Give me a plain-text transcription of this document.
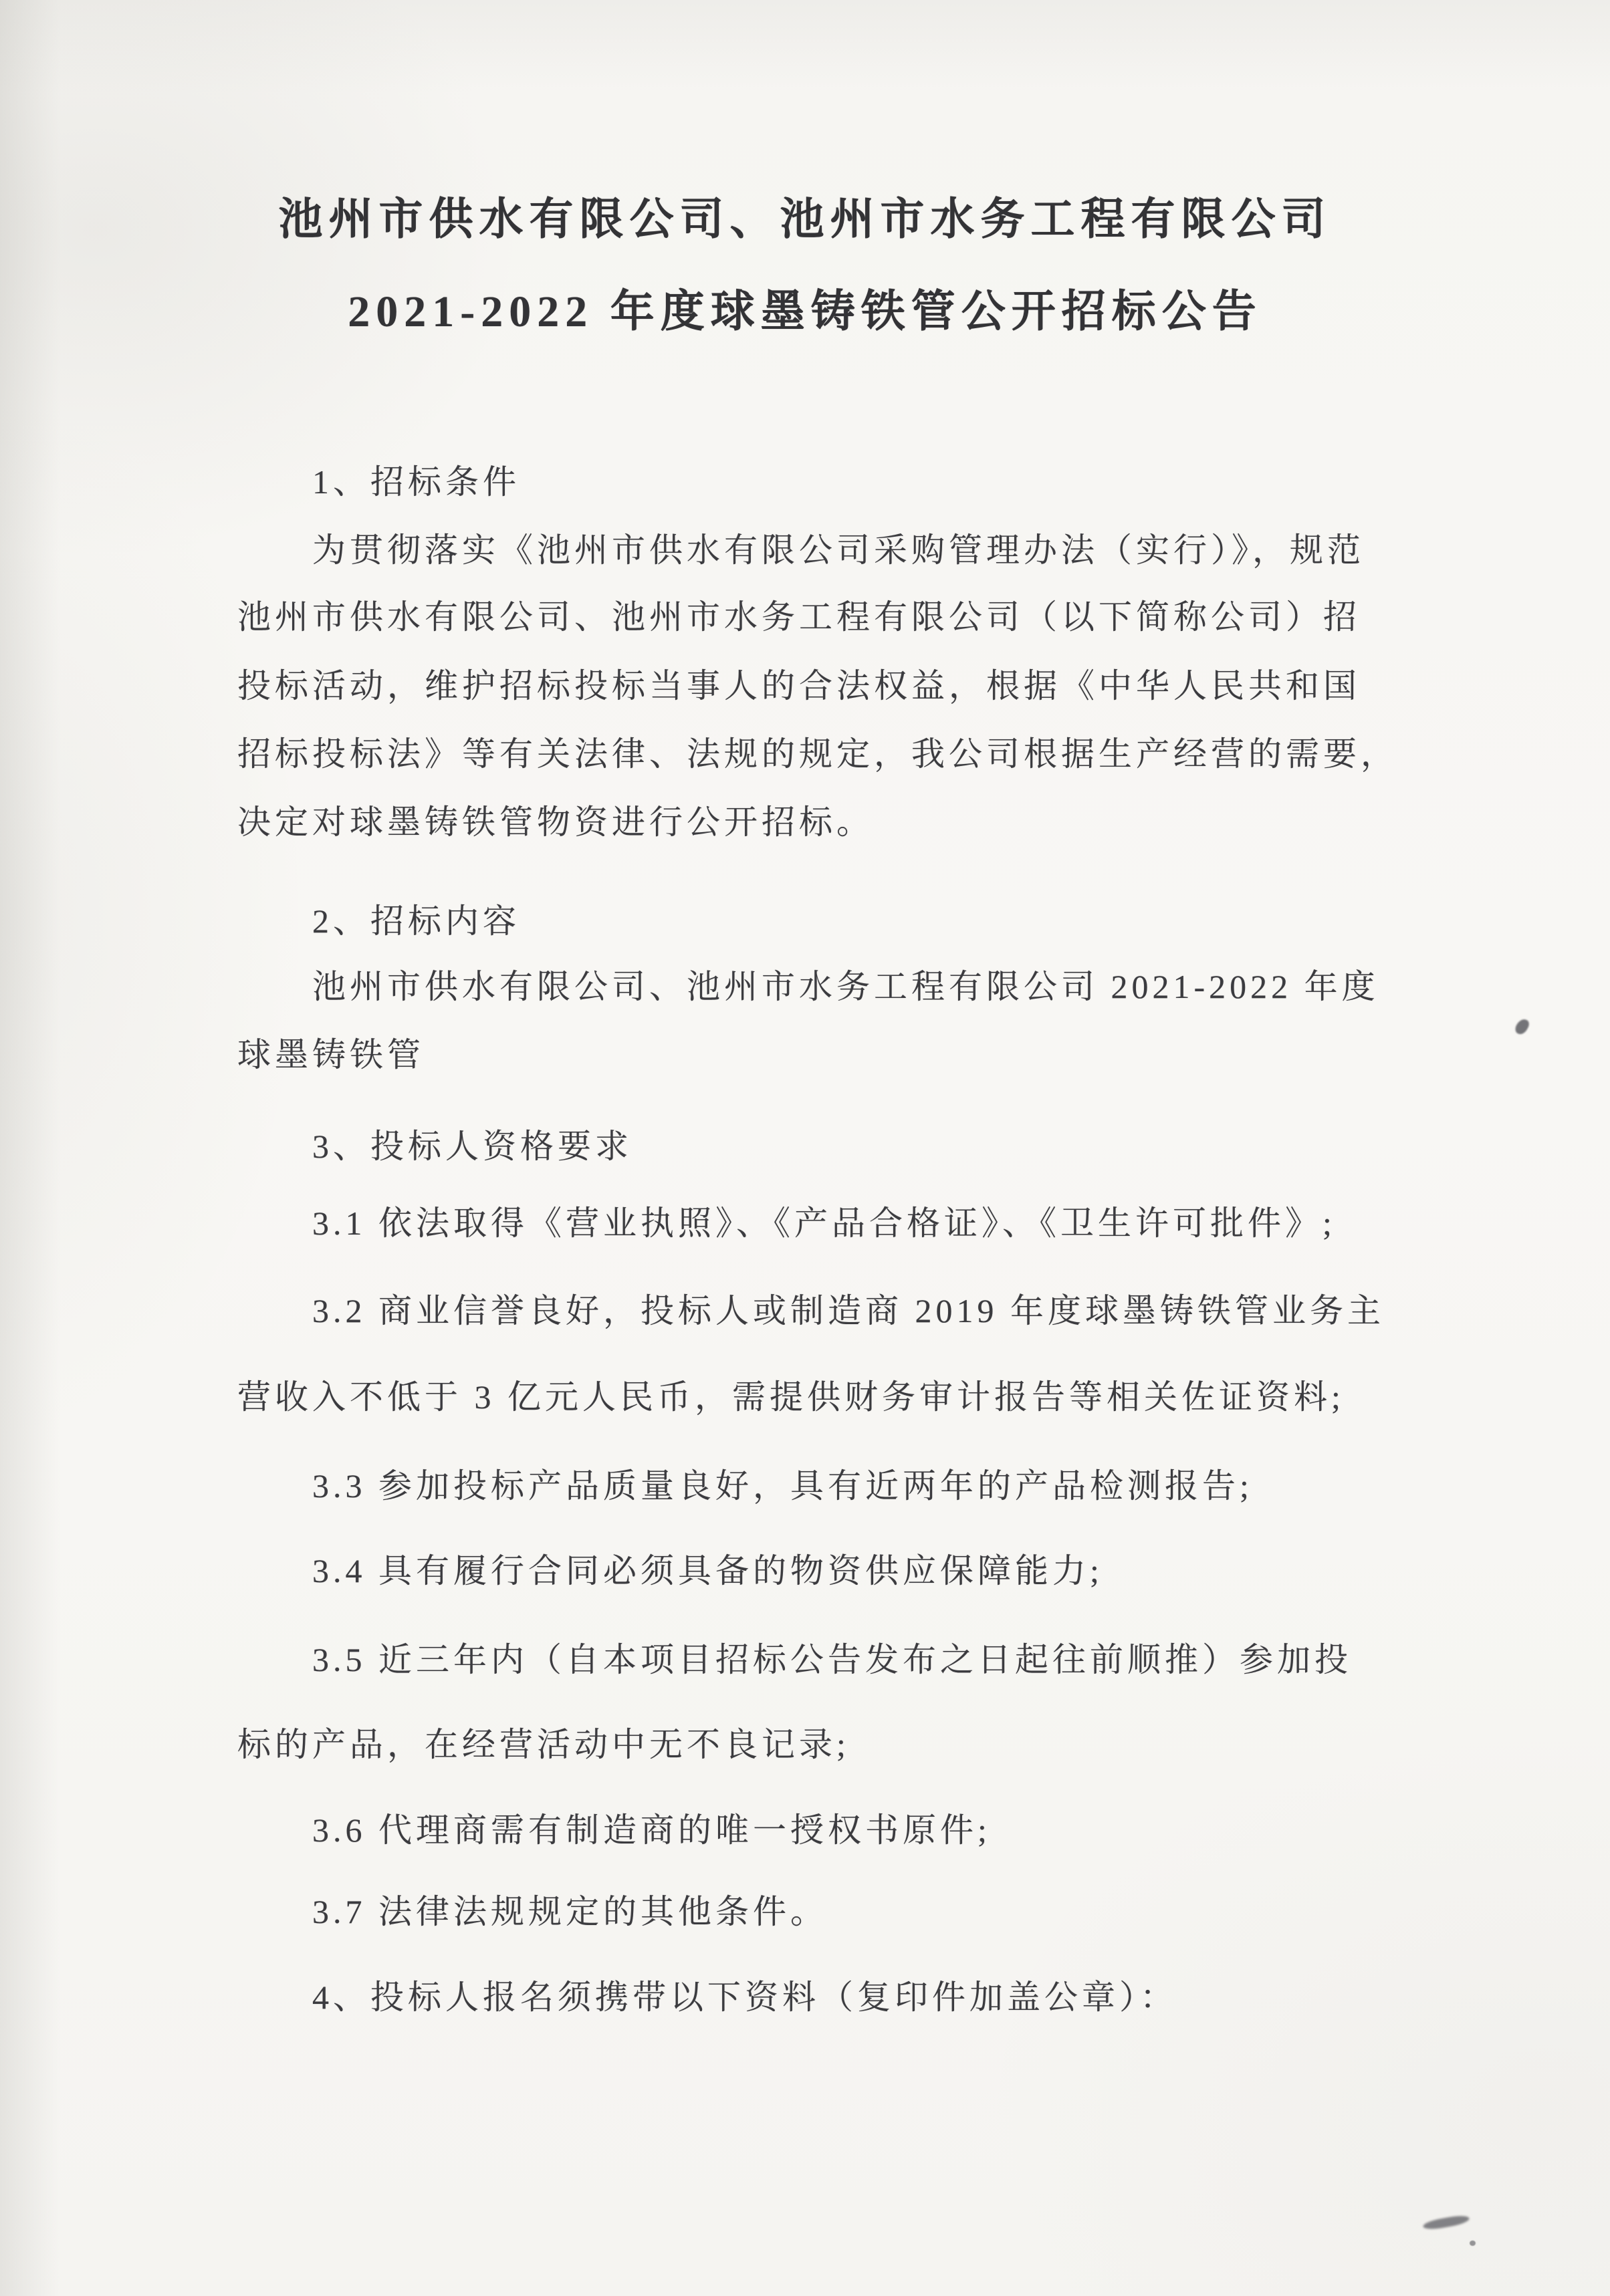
池州市供水有限公司、池州市水务工程有限公司
2021-2022 年度球墨铸铁管公开招标公告

1、招标条件

为贯彻落实《池州市供水有限公司采购管理办法（实行）》，规范

池州市供水有限公司、池州市水务工程有限公司（以下简称公司）招

投标活动，维护招标投标当事人的合法权益，根据《中华人民共和国

招标投标法》等有关法律、法规的规定，我公司根据生产经营的需要，

决定对球墨铸铁管物资进行公开招标。

2、招标内容

池州市供水有限公司、池州市水务工程有限公司 2021-2022 年度

球墨铸铁管

3、投标人资格要求

3.1 依法取得《营业执照》、《产品合格证》、《卫生许可批件》;

3.2 商业信誉良好，投标人或制造商 2019 年度球墨铸铁管业务主

营收入不低于 3 亿元人民币，需提供财务审计报告等相关佐证资料;

3.3 参加投标产品质量良好，具有近两年的产品检测报告;

3.4 具有履行合同必须具备的物资供应保障能力;

3.5 近三年内（自本项目招标公告发布之日起往前顺推）参加投

标的产品，在经营活动中无不良记录;

3.6 代理商需有制造商的唯一授权书原件;

3.7 法律法规规定的其他条件。

4、投标人报名须携带以下资料（复印件加盖公章）：
